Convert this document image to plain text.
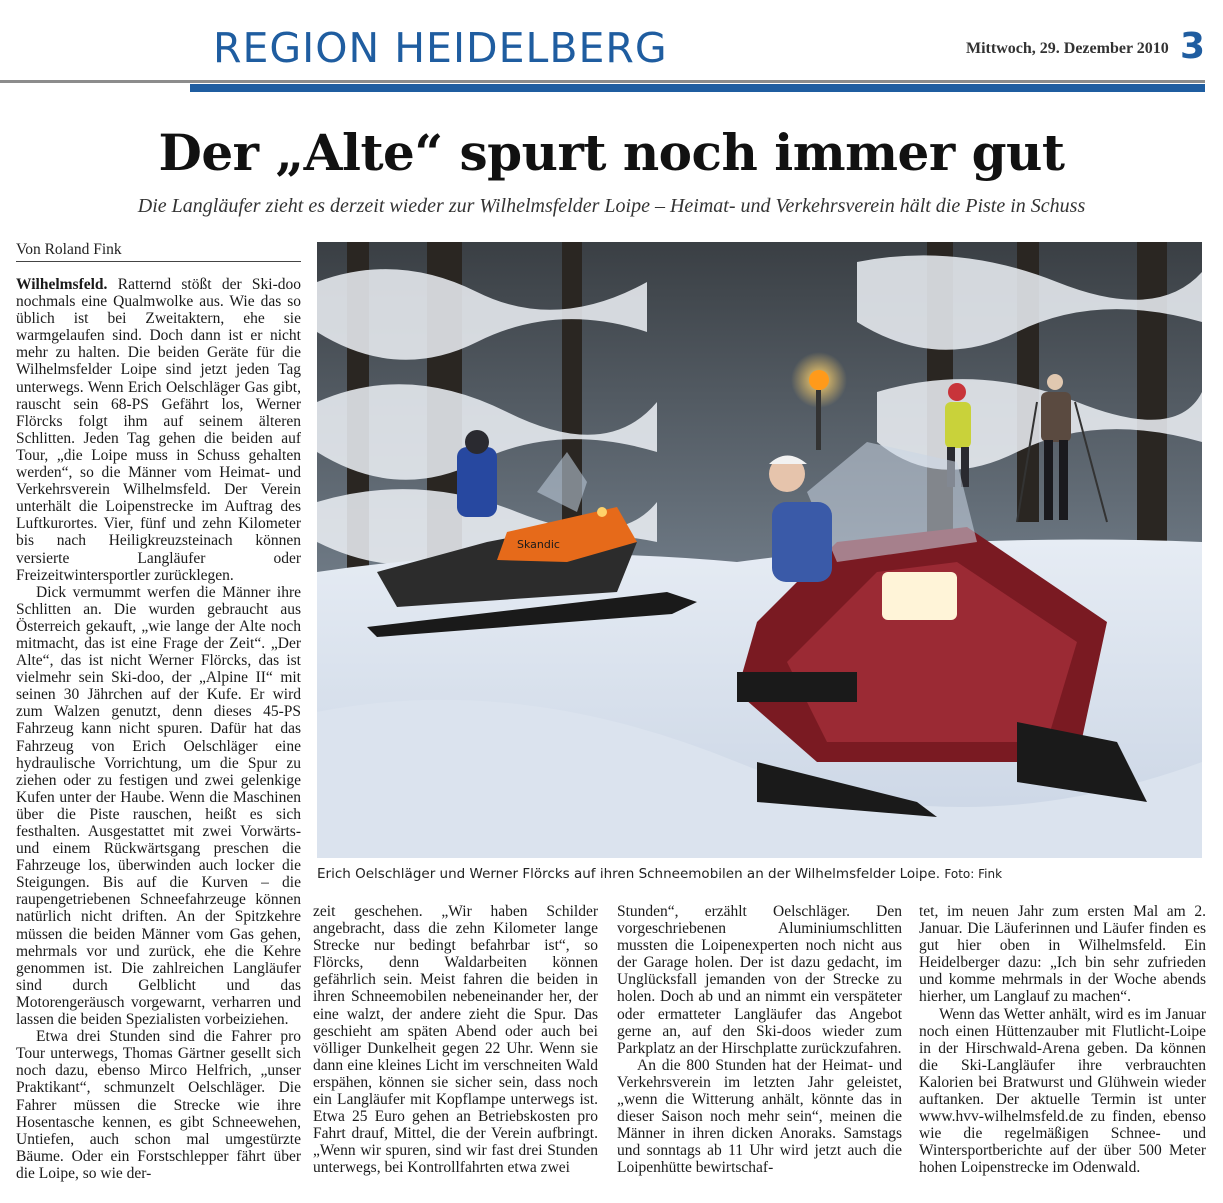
REGION HEIDELBERG	Mittwoch, 29. Dezember 2010 3
Der „Alte“ spurt noch immer gut

Die Langläufer zieht es derzeit wieder zur Wilhelmsfelder Loipe – Heimat- und Verkehrsverein hält die Piste in Schuss

Von Roland Fink

Wilhelmsfeld. Ratternd stößt der Ski-doo nochmals eine Qualmwolke aus. Wie das so üblich ist bei Zweitaktern, ehe sie warmgelaufen sind. Doch dann ist er nicht mehr zu halten. Die beiden Geräte für die Wilhelmsfelder Loipe sind jetzt jeden Tag unterwegs. Wenn Erich Oelschläger Gas gibt, rauscht sein 68-PS Gefährt los, Werner Flörcks folgt ihm auf seinem älteren Schlitten. Jeden Tag gehen die beiden auf Tour, „die Loipe muss in Schuss gehalten werden“, so die Männer vom Heimat- und Verkehrsverein Wilhelmsfeld. Der Verein unterhält die Loipenstrecke im Auftrag des Luftkurortes. Vier, fünf und zehn Kilometer bis nach Heiligkreuzsteinach können versierte Langläufer oder Freizeitwintersportler zurücklegen.

Dick vermummt werfen die Männer ihre Schlitten an. Die wurden gebraucht aus Österreich gekauft, „wie lange der Alte noch mitmacht, das ist eine Frage der Zeit“. „Der Alte“, das ist nicht Werner Flörcks, das ist vielmehr sein Ski-doo, der „Alpine II“ mit seinen 30 Jährchen auf der Kufe. Er wird zum Walzen genutzt, denn dieses 45-PS Fahrzeug kann nicht spuren. Dafür hat das Fahrzeug von Erich Oelschläger eine hydraulische Vorrichtung, um die Spur zu ziehen oder zu festigen und zwei gelenkige Kufen unter der Haube. Wenn die Maschinen über die Piste rauschen, heißt es sich festhalten. Ausgestattet mit zwei Vorwärts- und einem Rückwärtsgang preschen die Fahrzeuge los, überwinden auch locker die Steigungen. Bis auf die Kurven – die raupengetriebenen Schneefahrzeuge können natürlich nicht driften. An der Spitzkehre müssen die beiden Männer vom Gas gehen, mehrmals vor und zurück, ehe die Kehre genommen ist. Die zahlreichen Langläufer sind durch Gelblicht und das Motorengeräusch vorgewarnt, verharren und lassen die beiden Spezialisten vorbeiziehen.

Etwa drei Stunden sind die Fahrer pro Tour unterwegs, Thomas Gärtner gesellt sich noch dazu, ebenso Mirco Helfrich, „unser Praktikant“, schmunzelt Oelschläger. Die Fahrer müssen die Strecke wie ihre Hosentasche kennen, es gibt Schneewehen, Untiefen, auch schon mal umgestürzte Bäume. Oder ein Forstschlepper fährt über die Loipe, so wie der-

Skandic
Erich Oelschläger und Werner Flörcks auf ihren Schneemobilen an der Wilhelmsfelder Loipe. Foto: Fink

zeit geschehen. „Wir haben Schilder angebracht, dass die zehn Kilometer lange Strecke nur bedingt befahrbar ist“, so Flörcks, denn Waldarbeiten können gefährlich sein. Meist fahren die beiden in ihren Schneemobilen nebeneinander her, der eine walzt, der andere zieht die Spur. Das geschieht am späten Abend oder auch bei völliger Dunkelheit gegen 22 Uhr. Wenn sie dann eine kleines Licht im verschneiten Wald erspähen, können sie sicher sein, dass noch ein Langläufer mit Kopflampe unterwegs ist. Etwa 25 Euro gehen an Betriebskosten pro Fahrt drauf, Mittel, die der Verein aufbringt. „Wenn wir spuren, sind wir fast drei Stunden unterwegs, bei Kontrollfahrten etwa zwei

Stunden“, erzählt Oelschläger. Den vorgeschriebenen Aluminiumschlitten mussten die Loipenexperten noch nicht aus der Garage holen. Der ist dazu gedacht, im Unglücksfall jemanden von der Strecke zu holen. Doch ab und an nimmt ein verspäteter oder ermatteter Langläufer das Angebot gerne an, auf den Ski-doos wieder zum Parkplatz an der Hirschplatte zurückzufahren.

An die 800 Stunden hat der Heimat- und Verkehrsverein im letzten Jahr geleistet, „wenn die Witterung anhält, könnte das in dieser Saison noch mehr sein“, meinen die Männer in ihren dicken Anoraks. Samstags und sonntags ab 11 Uhr wird jetzt auch die Loipenhütte bewirtschaf-

tet, im neuen Jahr zum ersten Mal am 2. Januar. Die Läuferinnen und Läufer finden es gut hier oben in Wilhelmsfeld. Ein Heidelberger dazu: „Ich bin sehr zufrieden und komme mehrmals in der Woche abends hierher, um Langlauf zu machen“.

Wenn das Wetter anhält, wird es im Januar noch einen Hüttenzauber mit Flutlicht-Loipe in der Hirschwald-Arena geben. Da können die Ski-Langläufer ihre verbrauchten Kalorien bei Bratwurst und Glühwein wieder auftanken. Der aktuelle Termin ist unter www.hvv-wilhelmsfeld.de zu finden, ebenso wie die regelmäßigen Schnee- und Wintersportberichte auf der über 500 Meter hohen Loipenstrecke im Odenwald.
